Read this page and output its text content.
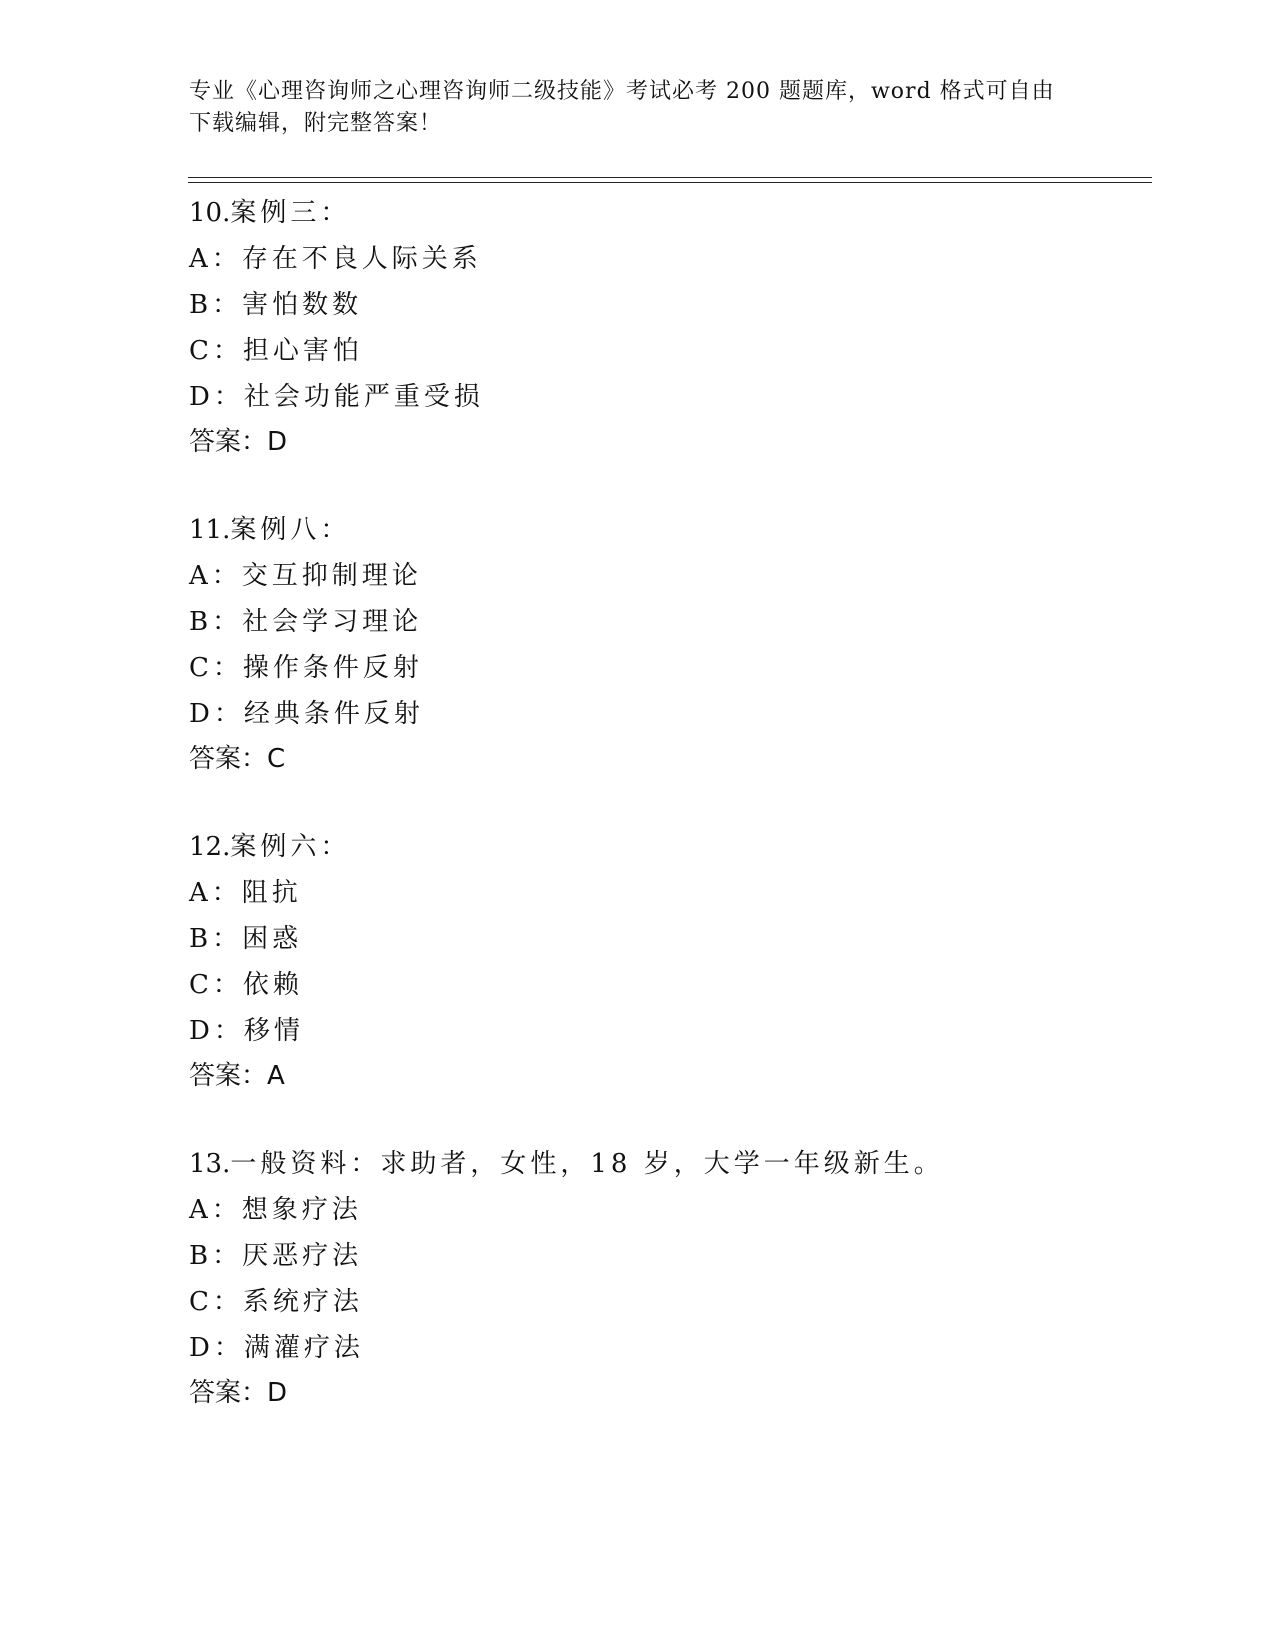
专业《心理咨询师之心理咨询师二级技能》考试必考 200 题题库，word 格式可自由下载编辑，附完整答案！
10.案例三：
A：存在不良人际关系
B：害怕数数
C：担心害怕
D：社会功能严重受损
答案：D
11.案例八：
A：交互抑制理论
B：社会学习理论
C：操作条件反射
D：经典条件反射
答案：C
12.案例六：
A：阻抗
B：困惑
C：依赖
D：移情
答案：A
13.一般资料：求助者，女性，18 岁，大学一年级新生。
A：想象疗法
B：厌恶疗法
C：系统疗法
D：满灌疗法
答案：D
